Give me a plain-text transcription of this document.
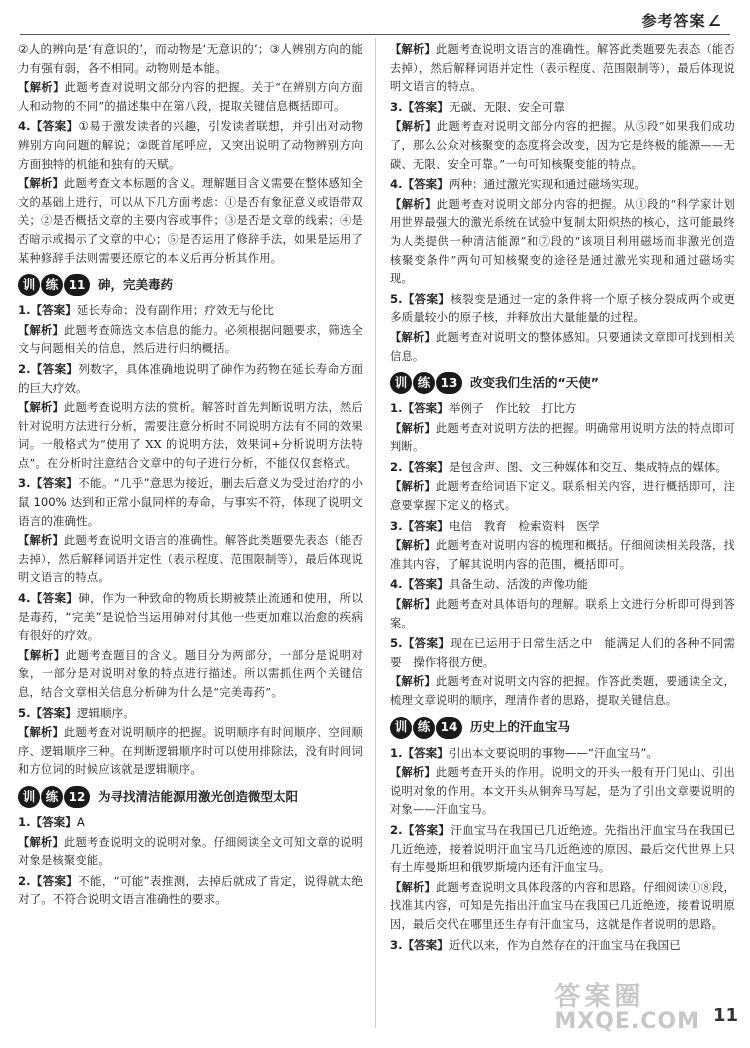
参考答案 ∠

②人的辨向是‘有意识的’，而动物是‘无意识的’；③人辨别方向的能力有强有弱，各不相同。动物则是本能。

【解析】此题考查对说明文部分内容的把握。关于“在辨别方向方面人和动物的不同”的描述集中在第八段，提取关键信息概括即可。

4.【答案】①易于激发读者的兴趣，引发读者联想，并引出对动物辨别方向问题的解说；②既首尾呼应，又突出说明了动物辨别方向方面独特的机能和独有的天赋。

【解析】此题考查文本标题的含义。理解题目含义需要在整体感知全文的基础上进行，可以从下几方面考虑：①是否有象征意义或语带双关；②是否概括文章的主要内容或事件；③是否是文章的线索；④是否暗示或揭示了文章的中心；⑤是否运用了修辞手法，如果是运用了某种修辞手法则需要还原它的本义后再分析其作用。

训 练 11	砷，完美毒药

1.【答案】延长寿命；没有副作用；疗效无与伦比

【解析】此题考查筛选文本信息的能力。必须根据问题要求，筛选全文与问题相关的信息，然后进行归纳概括。

2.【答案】列数字，具体准确地说明了砷作为药物在延长寿命方面的巨大疗效。

【解析】此题考查说明方法的赏析。解答时首先判断说明方法，然后针对说明方法进行分析，需要注意分析时不同说明方法有不同的效果词。一般格式为“使用了 XX 的说明方法，效果词+分析说明方法特点”。在分析时注意结合文章中的句子进行分析，不能仅仅套格式。

3.【答案】不能。“几乎”意思为接近，删去后意义为受过治疗的小鼠 100% 达到和正常小鼠同样的寿命，与事实不符，体现了说明文语言的准确性。

【解析】此题考查说明文语言的准确性。解答此类题要先表态（能否去掉），然后解释词语并定性（表示程度、范围限制等），最后体现说明文语言的特点。

4.【答案】砷，作为一种致命的物质长期被禁止流通和使用，所以是毒药，“完美”是说恰当运用砷对付其他一些更加难以治愈的疾病有很好的疗效。

【解析】此题考查题目的含义。题目分为两部分，一部分是说明对象，一部分是对说明对象的特点进行描述。所以需抓住两个关键信息，结合文章相关信息分析砷为什么是“完美毒药”。

5.【答案】逻辑顺序。

【解析】此题考查对说明顺序的把握。说明顺序有时间顺序、空间顺序、逻辑顺序三种。在判断逻辑顺序时可以使用排除法，没有时间词和方位词的时候应该就是逻辑顺序。

训 练 12	为寻找清洁能源用激光创造微型太阳

1.【答案】A

【解析】此题考查说明文的说明对象。仔细阅读全文可知文章的说明对象是核聚变能。

2.【答案】不能，“可能”表推测，去掉后就成了肯定，说得就太绝对了。不符合说明文语言准确性的要求。

【解析】此题考查说明文语言的准确性。解答此类题要先表态（能否去掉），然后解释词语并定性（表示程度、范围限制等），最后体现说明文语言的特点。

3.【答案】无碳、无限、安全可靠

【解析】此题考查对说明文部分内容的把握。从⑤段“如果我们成功了，那么公众对核聚变的态度将会改变，因为它是终极的能源——无碳、无限、安全可靠。”一句可知核聚变能的特点。

4.【答案】两种：通过激光实现和通过磁场实现。

【解析】此题考查对说明文部分内容的把握。从①段的“科学家计划用世界最强大的激光系统在试验中复制太阳炽热的核心，这可能最终为人类提供一种清洁能源”和⑦段的“该项目利用磁场而非激光创造核聚变条件”两句可知核聚变的途径是通过激光实现和通过磁场实现。

5.【答案】核裂变是通过一定的条件将一个原子核分裂成两个或更多质量较小的原子核，并释放出大量能量的过程。

【解析】此题考查对说明文的整体感知。只要通读文章即可找到相关信息。

训 练 13	改变我们生活的“天使”

1.【答案】举例子　作比较　打比方

【解析】此题考查对说明方法的把握。明确常用说明方法的特点即可判断。

2.【答案】是包含声、图、文三种媒体和交互、集成特点的媒体。

【解析】此题考查给词语下定义。联系相关内容，进行概括即可，注意要掌握下定义的格式。

3.【答案】电信　教育　检索资料　医学

【解析】此题考查对说明内容的梳理和概括。仔细阅读相关段落，找准其内容，了解其说明内容的范围，概括即可。

4.【答案】具备生动、活泼的声像功能

【解析】此题考查对具体语句的理解。联系上文进行分析即可得到答案。

5.【答案】现在已运用于日常生活之中　能满足人们的各种不同需要　操作将很方便。

【解析】此题考查对说明文内容的把握。作答此类题，要通读全文，梳理文章说明的顺序，理清作者的思路，提取关键信息。

训 练 14	历史上的汗血宝马

1.【答案】引出本文要说明的事物——“汗血宝马”。

【解析】此题考查开头的作用。说明文的开头一般有开门见山、引出说明对象的作用。本文开头从铜奔马写起，是为了引出文章要说明的对象——汗血宝马。

2.【答案】汗血宝马在我国已几近绝迹。先指出汗血宝马在我国已几近绝迹，接着说明汗血宝马几近绝迹的原因、最后交代世界上只有土库曼斯坦和俄罗斯境内还有汗血宝马。

【解析】此题考查说明文具体段落的内容和思路。仔细阅读①⑧段，找准其内容，可知是先指出汗血宝马在我国已几近绝迹，接着说明原因，最后交代在哪里还生存有汗血宝马，这就是作者说明的思路。

3.【答案】近代以来，作为自然存在的汗血宝马在我国已

答案圈
MXQE.COM 11
